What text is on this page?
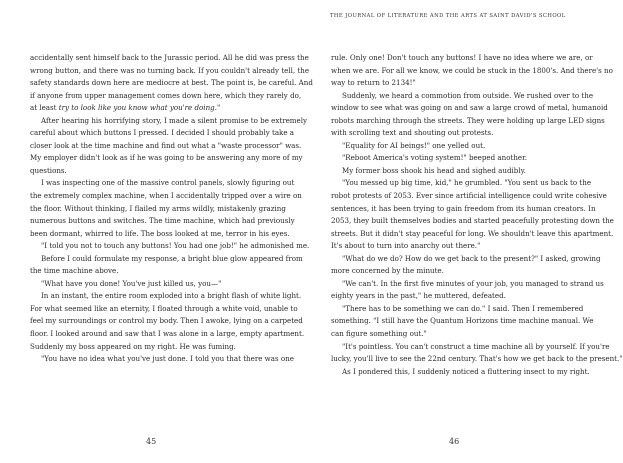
THE JOURNAL OF LITERATURE AND THE ARTS AT SAINT DAVID'S SCHOOL

accidentally sent himself back to the Jurassic period. All he did was press the

wrong button, and there was no turning back. If you couldn't already tell, the

safety standards down here are mediocre at best. The point is, be careful. And

if anyone from upper management comes down here, which they rarely do,

at least try to look like you know what you're doing."

After hearing his horrifying story, I made a silent promise to be extremely

careful about which buttons I pressed. I decided I should probably take a

closer look at the time machine and find out what a "waste processor" was.

My employer didn't look as if he was going to be answering any more of my

questions.

I was inspecting one of the massive control panels, slowly figuring out

the extremely complex machine, when I accidentally tripped over a wire on

the floor. Without thinking, I flailed my arms wildly, mistakenly grazing

numerous buttons and switches. The time machine, which had previously

been dormant, whirred to life. The boss looked at me, terror in his eyes.

"I told you not to touch any buttons! You had one job!" he admonished me.

Before I could formulate my response, a bright blue glow appeared from

the time machine above.

"What have you done! You've just killed us, you—"

In an instant, the entire room exploded into a bright flash of white light.

For what seemed like an eternity, I floated through a white void, unable to

feel my surroundings or control my body. Then I awoke, lying on a carpeted

floor. I looked around and saw that I was alone in a large, empty apartment.

Suddenly my boss appeared on my right. He was fuming.

"You have no idea what you've just done. I told you that there was one

rule. Only one! Don't touch any buttons! I have no idea where we are, or

when we are. For all we know, we could be stuck in the 1800's. And there's no

way to return to 2134!"

Suddenly, we heard a commotion from outside. We rushed over to the

window to see what was going on and saw a large crowd of metal, humanoid

robots marching through the streets. They were holding up large LED signs

with scrolling text and shouting out protests.

"Equality for AI beings!" one yelled out.

"Reboot America's voting system!" beeped another.

My former boss shook his head and sighed audibly.

"You messed up big time, kid," he grumbled. "You sent us back to the

robot protests of 2053. Ever since artificial intelligence could write cohesive

sentences, it has been trying to gain freedom from its human creators. In

2053, they built themselves bodies and started peacefully protesting down the

streets. But it didn't stay peaceful for long. We shouldn't leave this apartment.

It's about to turn into anarchy out there."

"What do we do? How do we get back to the present?" I asked, growing

more concerned by the minute.

"We can't. In the first five minutes of your job, you managed to strand us

eighty years in the past," he muttered, defeated.

"There has to be something we can do." I said. Then I remembered

something. "I still have the Quantum Horizons time machine manual. We

can figure something out."

"It's pointless. You can't construct a time machine all by yourself. If you're

lucky, you'll live to see the 22nd century. That's how we get back to the present."

As I pondered this, I suddenly noticed a fluttering insect to my right.

45	46
